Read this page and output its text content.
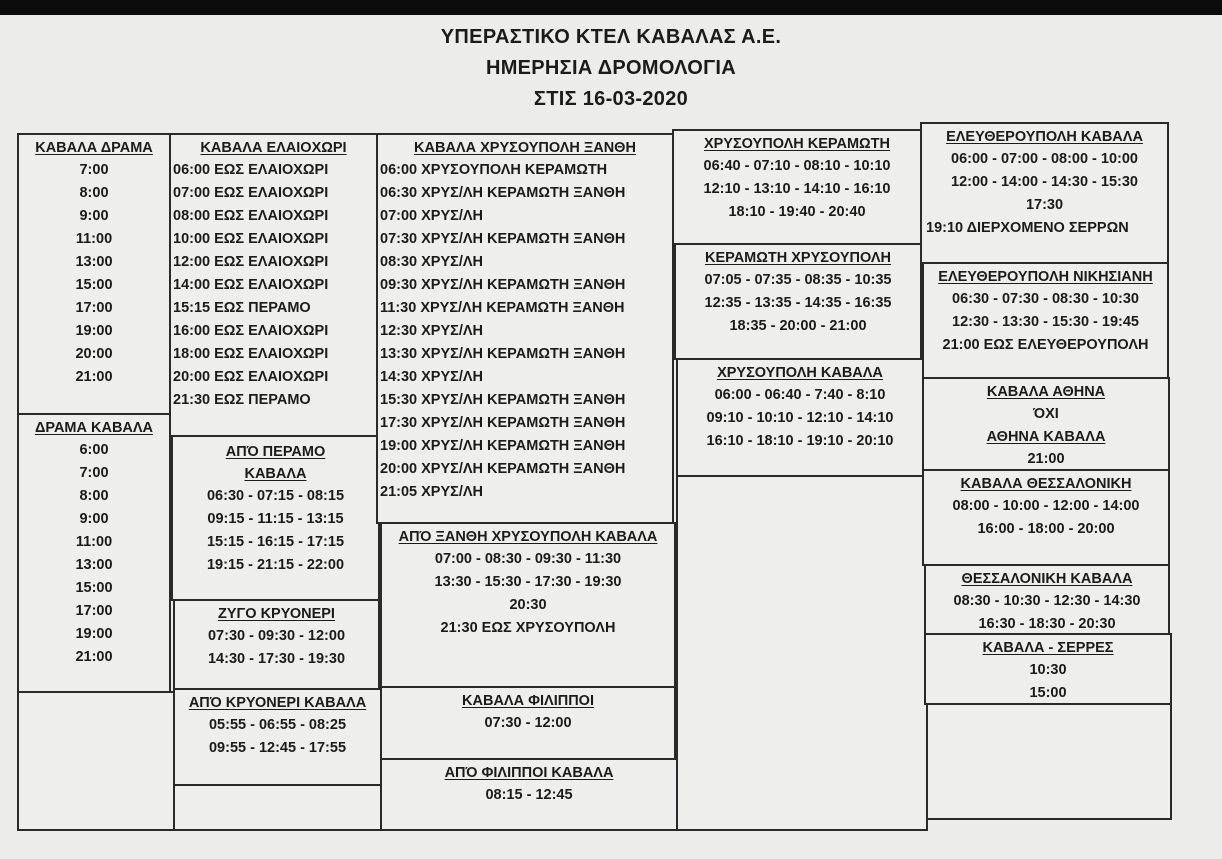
ΥΠΕΡΑΣΤΙΚΟ ΚΤΕΛ ΚΑΒΑΛΑΣ Α.Ε.
ΗΜΕΡΗΣΙΑ ΔΡΟΜΟΛΟΓΙΑ
ΣΤΙΣ 16-03-2020
ΚΑΒΑΛΑ ΔΡΑΜΑ
7:00
8:00
9:00
11:00
13:00
15:00
17:00
19:00
20:00
21:00
ΔΡΑΜΑ ΚΑΒΑΛΑ
6:00
7:00
8:00
9:00
11:00
13:00
15:00
17:00
19:00
21:00
ΚΑΒΑΛΑ ΕΛΑΙΟΧΩΡΙ
06:00 ΕΩΣ ΕΛΑΙΟΧΩΡΙ
07:00 ΕΩΣ ΕΛΑΙΟΧΩΡΙ
08:00 ΕΩΣ ΕΛΑΙΟΧΩΡΙ
10:00 ΕΩΣ ΕΛΑΙΟΧΩΡΙ
12:00 ΕΩΣ ΕΛΑΙΟΧΩΡΙ
14:00 ΕΩΣ ΕΛΑΙΟΧΩΡΙ
15:15 ΕΩΣ ΠΕΡΑΜΟ
16:00 ΕΩΣ ΕΛΑΙΟΧΩΡΙ
18:00 ΕΩΣ ΕΛΑΙΟΧΩΡΙ
20:00 ΕΩΣ ΕΛΑΙΟΧΩΡΙ
21:30 ΕΩΣ ΠΕΡΑΜΟ
ΑΠΌ ΠΕΡΑΜΟ
ΚΑΒΑΛΑ
06:30 - 07:15 - 08:15
09:15 - 11:15 - 13:15
15:15 - 16:15 - 17:15
19:15 - 21:15 - 22:00
ΖΥΓΟ ΚΡΥΟΝΕΡΙ
07:30 - 09:30 - 12:00
14:30 - 17:30 - 19:30
ΑΠΌ ΚΡΥΟΝΕΡΙ ΚΑΒΑΛΑ
05:55 - 06:55 - 08:25
09:55 - 12:45 - 17:55
ΚΑΒΑΛΑ ΧΡΥΣΟΥΠΟΛΗ ΞΑΝΘΗ
06:00 ΧΡΥΣΟΥΠΟΛΗ ΚΕΡΑΜΩΤΗ
06:30 ΧΡΥΣ/ΛΗ ΚΕΡΑΜΩΤΗ ΞΑΝΘΗ
07:00 ΧΡΥΣ/ΛΗ
07:30 ΧΡΥΣ/ΛΗ ΚΕΡΑΜΩΤΗ ΞΑΝΘΗ
08:30 ΧΡΥΣ/ΛΗ
09:30 ΧΡΥΣ/ΛΗ ΚΕΡΑΜΩΤΗ ΞΑΝΘΗ
11:30 ΧΡΥΣ/ΛΗ ΚΕΡΑΜΩΤΗ ΞΑΝΘΗ
12:30 ΧΡΥΣ/ΛΗ
13:30 ΧΡΥΣ/ΛΗ ΚΕΡΑΜΩΤΗ ΞΑΝΘΗ
14:30 ΧΡΥΣ/ΛΗ
15:30 ΧΡΥΣ/ΛΗ ΚΕΡΑΜΩΤΗ ΞΑΝΘΗ
17:30 ΧΡΥΣ/ΛΗ ΚΕΡΑΜΩΤΗ ΞΑΝΘΗ
19:00 ΧΡΥΣ/ΛΗ ΚΕΡΑΜΩΤΗ ΞΑΝΘΗ
20:00 ΧΡΥΣ/ΛΗ ΚΕΡΑΜΩΤΗ ΞΑΝΘΗ
21:05 ΧΡΥΣ/ΛΗ
ΑΠΌ ΞΑΝΘΗ ΧΡΥΣΟΥΠΟΛΗ ΚΑΒΑΛΑ
07:00 - 08:30 - 09:30 - 11:30
13:30 - 15:30 - 17:30 - 19:30
20:30
21:30 ΕΩΣ ΧΡΥΣΟΥΠΟΛΗ
ΚΑΒΑΛΑ ΦΙΛΙΠΠΟΙ
07:30 - 12:00
ΑΠΌ ΦΙΛΙΠΠΟΙ ΚΑΒΑΛΑ
08:15 - 12:45
ΧΡΥΣΟΥΠΟΛΗ ΚΕΡΑΜΩΤΗ
06:40 - 07:10 - 08:10 - 10:10
12:10 - 13:10 - 14:10 - 16:10
18:10 - 19:40 - 20:40
ΚΕΡΑΜΩΤΗ ΧΡΥΣΟΥΠΟΛΗ
07:05 - 07:35 - 08:35 - 10:35
12:35 - 13:35 - 14:35 - 16:35
18:35 - 20:00 - 21:00
ΧΡΥΣΟΥΠΟΛΗ ΚΑΒΑΛΑ
06:00 - 06:40 - 7:40 - 8:10
09:10 - 10:10 - 12:10 - 14:10
16:10 - 18:10 - 19:10 - 20:10
ΕΛΕΥΘΕΡΟΥΠΟΛΗ ΚΑΒΑΛΑ
06:00 - 07:00 - 08:00 - 10:00
12:00 - 14:00 - 14:30 - 15:30
17:30
19:10 ΔΙΕΡΧΟΜΕΝΟ ΣΕΡΡΩΝ
ΕΛΕΥΘΕΡΟΥΠΟΛΗ ΝΙΚΗΣΙΑΝΗ
06:30 - 07:30 - 08:30 - 10:30
12:30 - 13:30 - 15:30 - 19:45
21:00 ΕΩΣ ΕΛΕΥΘΕΡΟΥΠΟΛΗ
ΚΑΒΑΛΑ ΑΘΗΝΑ
ΌΧΙ
ΑΘΗΝΑ ΚΑΒΑΛΑ
21:00
ΚΑΒΑΛΑ ΘΕΣΣΑΛΟΝΙΚΗ
08:00 - 10:00 - 12:00 - 14:00
16:00 - 18:00 - 20:00
ΘΕΣΣΑΛΟΝΙΚΗ ΚΑΒΑΛΑ
08:30 - 10:30 - 12:30 - 14:30
16:30 - 18:30 - 20:30
ΚΑΒΑΛΑ - ΣΕΡΡΕΣ
10:30
15:00
